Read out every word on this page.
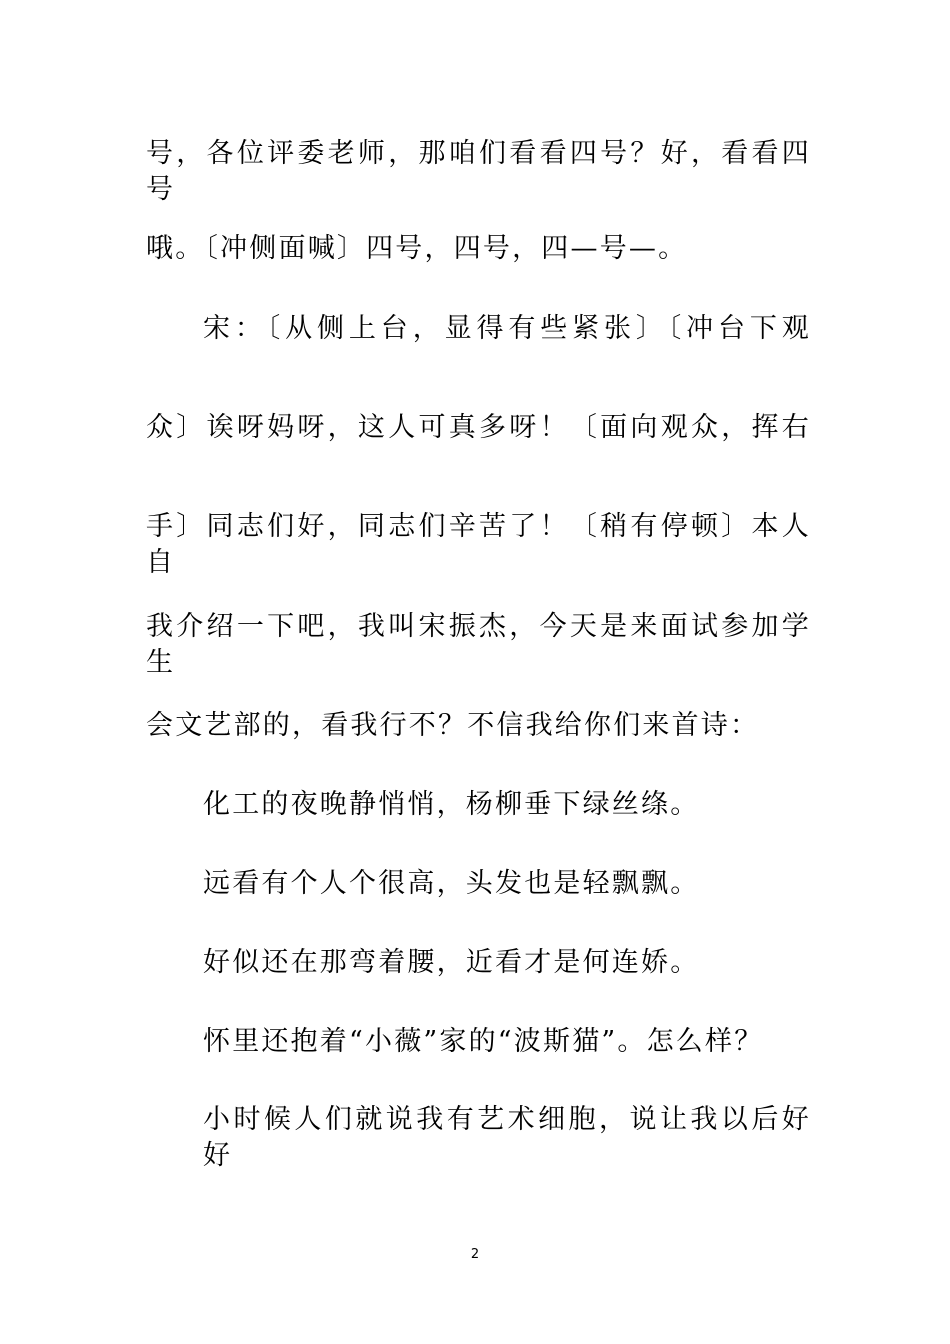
号，各位评委老师，那咱们看看四号？好，看看四号
哦。〔冲侧面喊〕四号，四号，四—号—。
宋：〔从侧上台，显得有些紧张〕〔冲台下观
众〕诶呀妈呀，这人可真多呀！〔面向观众，挥右
手〕同志们好，同志们辛苦了！〔稍有停顿〕本人自
我介绍一下吧，我叫宋振杰，今天是来面试参加学生
会文艺部的，看我行不？不信我给你们来首诗：
化工的夜晚静悄悄，杨柳垂下绿丝绦。
远看有个人个很高，头发也是轻飘飘。
好似还在那弯着腰，近看才是何连娇。
怀里还抱着“小薇”家的“波斯猫”。怎么样？
小时候人们就说我有艺术细胞，说让我以后好好
2
